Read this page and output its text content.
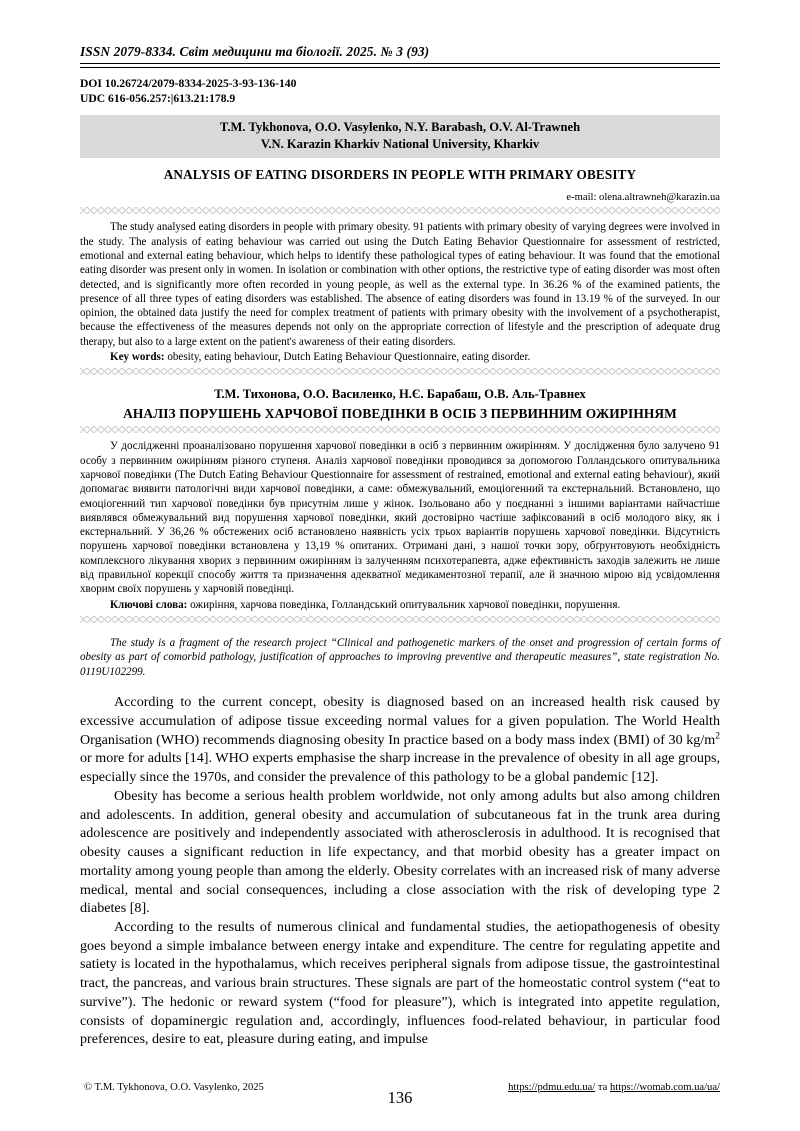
ISSN 2079-8334. Світ медицини та біології. 2025. № 3 (93)
DOI 10.26724/2079-8334-2025-3-93-136-140
UDC 616-056.257:|613.21:178.9
T.M. Tykhonova, O.O. Vasylenko, N.Y. Barabash, O.V. Al-Trawneh
V.N. Karazin Kharkiv National University, Kharkiv
ANALYSIS OF EATING DISORDERS IN PEOPLE WITH PRIMARY OBESITY
e-mail: olena.altrawneh@karazin.ua
The study analysed eating disorders in people with primary obesity. 91 patients with primary obesity of varying degrees were involved in the study. The analysis of eating behaviour was carried out using the Dutch Eating Behavior Questionnaire for assessment of restricted, emotional and external eating behaviour, which helps to identify these pathological types of eating behaviour. It was found that the emotional eating disorder was present only in women. In isolation or combination with other options, the restrictive type of eating disorder was most often detected, and is significantly more often recorded in young people, as well as the external type. In 36.26 % of the examined patients, the presence of all three types of eating disorders was established. The absence of eating disorders was found in 13.19 % of the surveyed. In our opinion, the obtained data justify the need for complex treatment of patients with primary obesity with the involvement of a psychotherapist, because the effectiveness of the measures depends not only on the appropriate correction of lifestyle and the prescription of adequate drug therapy, but also to a large extent on the patient's awareness of their eating disorders.
Key words: obesity, eating behaviour, Dutch Eating Behaviour Questionnaire, eating disorder.
Т.М. Тихонова, О.О. Василенко, Н.Є. Барабаш, О.В. Аль-Травнех
АНАЛІЗ ПОРУШЕНЬ ХАРЧОВОЇ ПОВЕДІНКИ В ОСІБ З ПЕРВИННИМ ОЖИРІННЯМ
У дослідженні проаналізовано порушення харчової поведінки в осіб з первинним ожирінням. У дослідження було залучено 91 особу з первинним ожирінням різного ступеня. Аналіз харчової поведінки проводився за допомогою Голландського опитувальника харчової поведінки (The Dutch Eating Behaviour Questionnaire for assessment of restrained, emotional and external eating behaviour), який допомагає виявити патологічні види харчової поведінки, а саме: обмежувальний, емоціогенний та екстернальний. Встановлено, що емоціогенний тип харчової поведінки був присутнім лише у жінок. Ізольовано або у поєднанні з іншими варіантами найчастіше виявлявся обмежувальний вид порушення харчової поведінки, який достовірно частіше зафіксований в осіб молодого віку, як і екстернальний. У 36,26 % обстежених осіб встановлено наявність усіх трьох варіантів порушень харчової поведінки. Відсутність порушень харчової поведінки встановлена у 13,19 % опитаних. Отримані дані, з нашої точки зору, обґрунтовують необхідність комплексного лікування хворих з первинним ожирінням із залученням психотерапевта, адже ефективність заходів залежить не лише від правильної корекції способу життя та призначення адекватної медикаментозної терапії, але й значною мірою від усвідомлення хворим своїх порушень у харчовій поведінці.
Ключові слова: ожиріння, харчова поведінка, Голландський опитувальник харчової поведінки, порушення.
The study is a fragment of the research project “Clinical and pathogenetic markers of the onset and progression of certain forms of obesity as part of comorbid pathology, justification of approaches to improving preventive and therapeutic measures”, state registration No. 0119U102299.

According to the current concept, obesity is diagnosed based on an increased health risk caused by excessive accumulation of adipose tissue exceeding normal values for a given population. The World Health Organisation (WHO) recommends diagnosing obesity In practice based on a body mass index (BMI) of 30 $kg/m^2$ or more for adults [14]. WHO experts emphasise the sharp increase in the prevalence of obesity in all age groups, especially since the 1970s, and consider the prevalence of this pathology to be a global pandemic [12].

Obesity has become a serious health problem worldwide, not only among adults but also among children and adolescents. In addition, general obesity and accumulation of subcutaneous fat in the trunk area during adolescence are positively and independently associated with atherosclerosis in adulthood. It is recognised that obesity causes a significant reduction in life expectancy, and that morbid obesity has a greater impact on mortality among young people than among the elderly. Obesity correlates with an increased risk of many adverse medical, mental and social consequences, including a close association with the risk of developing type 2 diabetes [8].

According to the results of numerous clinical and fundamental studies, the aetiopathogenesis of obesity goes beyond a simple imbalance between energy intake and expenditure. The centre for regulating appetite and satiety is located in the hypothalamus, which receives peripheral signals from adipose tissue, the gastrointestinal tract, the pancreas, and various brain structures. These signals are part of the homeostatic control system (“eat to survive”). The hedonic or reward system (“food for pleasure”), which is integrated into appetite regulation, consists of dopaminergic regulation and, accordingly, influences food-related behaviour, in particular food preferences, desire to eat, pleasure during eating, and impulse

© T.M. Tykhonova, O.O. Vasylenko, 2025
136
https://pdmu.edu.ua/ та https://womab.com.ua/ua/
